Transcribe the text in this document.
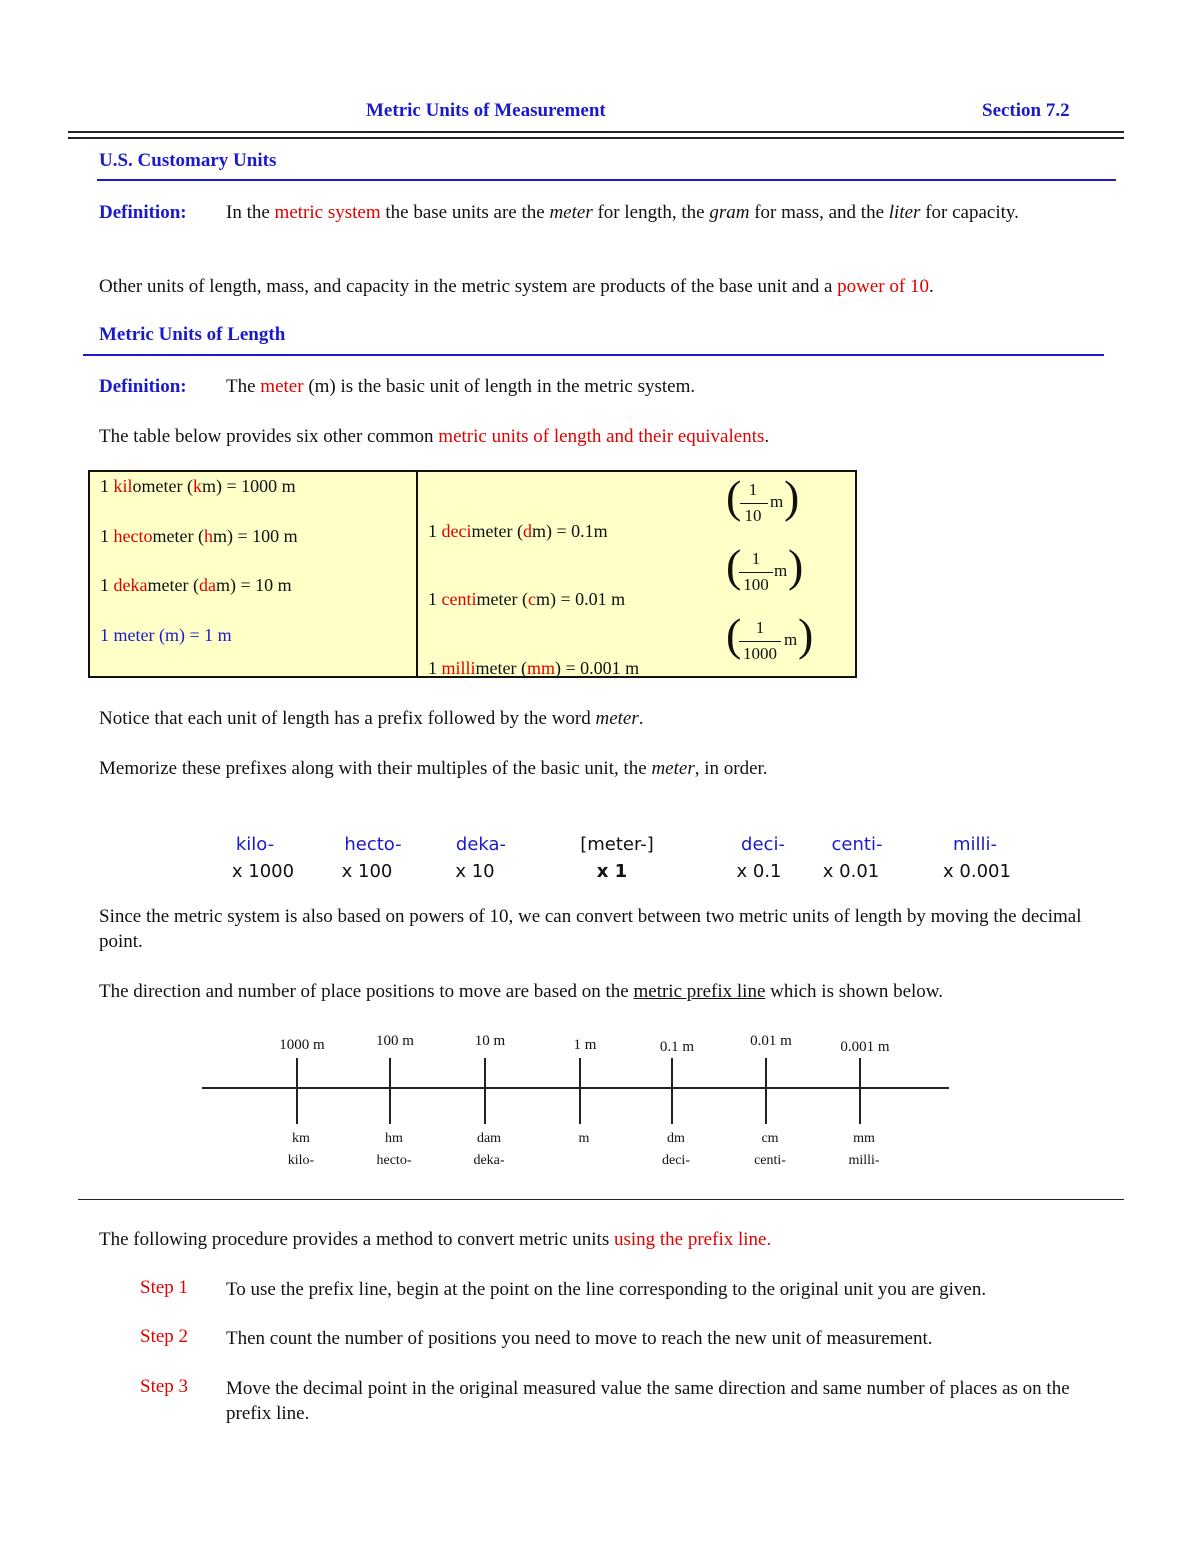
Metric Units of Measurement	Section 7.2
U.S. Customary Units
Definition: In the metric system the base units are the meter for length, the gram for mass, and the liter for capacity.
Other units of length, mass, and capacity in the metric system are products of the base unit and a power of 10.
Metric Units of Length
Definition: The meter (m) is the basic unit of length in the metric system.
The table below provides six other common metric units of length and their equivalents.
1 kilometer (km) = 1000 m
1 hectometer (hm) = 100 m
1 dekameter (dam) = 10 m
1 meter (m) = 1 m
1 decimeter (dm) = 0.1m
1 centimeter (cm) = 0.01 m
1 millimeter (mm) = 0.001 m
( 1
10
m )
( 1
100
m )
( 1
1000
m )
Notice that each unit of length has a prefix followed by the word meter.
Memorize these prefixes along with their multiples of the basic unit, the meter, in order.
kilo-
x 1000
hecto-
x 100
deka-
x 10
[meter-]
x 1
deci-
x 0.1
centi-
x 0.01
milli-
x 0.001
Since the metric system is also based on powers of 10, we can convert between two metric units of length by moving the decimal point.
The direction and number of place positions to move are based on the metric prefix line which is shown below.
1000 m
km
kilo-
100 m
hm
hecto-
10 m
dam
deka-
1 m
m
0.1 m
dm
deci-
0.01 m
cm
centi-
0.001 m
mm
milli-
The following procedure provides a method to convert metric units using the prefix line.
Step 1 To use the prefix line, begin at the point on the line corresponding to the original unit you are given.
Step 2 Then count the number of positions you need to move to reach the new unit of measurement.
Step 3 Move the decimal point in the original measured value the same direction and same number of places as on the prefix line.
